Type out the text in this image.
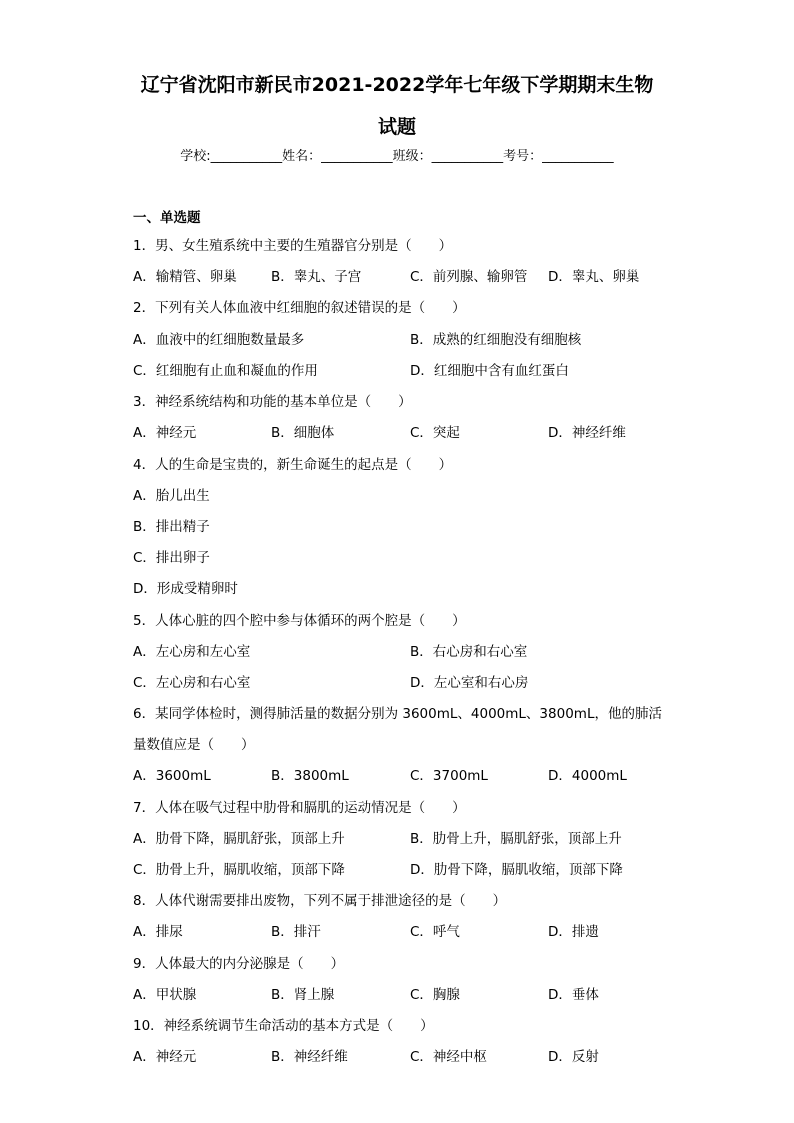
辽宁省沈阳市新民市2021-2022学年七年级下学期期末生物
试题
学校:___________姓名：___________班级：___________考号：___________
一、单选题
1．男、女生殖系统中主要的生殖器官分别是（　　）
A．输精管、卵巢	B．睾丸、子宫	C．前列腺、输卵管 D．睾丸、卵巢
2．下列有关人体血液中红细胞的叙述错误的是（　　）
A．血液中的红细胞数量最多	B．成熟的红细胞没有细胞核
C．红细胞有止血和凝血的作用	D．红细胞中含有血红蛋白
3．神经系统结构和功能的基本单位是（　　）
A．神经元	B．细胞体	C．突起	D．神经纤维
4．人的生命是宝贵的，新生命诞生的起点是（　　）
A．胎儿出生
B．排出精子
C．排出卵子
D．形成受精卵时
5．人体心脏的四个腔中参与体循环的两个腔是（　　）
A．左心房和左心室	B．右心房和右心室
C．左心房和右心室	D．左心室和右心房
6．某同学体检时，测得肺活量的数据分别为 3600mL、4000mL、3800mL，他的肺活
量数值应是（　　）
A．3600mL	B．3800mL	C．3700mL	D．4000mL
7．人体在吸气过程中肋骨和膈肌的运动情况是（　　）
A．肋骨下降，膈肌舒张，顶部上升	B．肋骨上升，膈肌舒张，顶部上升
C．肋骨上升，膈肌收缩，顶部下降	D．肋骨下降，膈肌收缩，顶部下降
8．人体代谢需要排出废物，下列不属于排泄途径的是（　　）
A．排尿	B．排汗	C．呼气	D．排遗
9．人体最大的内分泌腺是（　　）
A．甲状腺	B．肾上腺	C．胸腺	D．垂体
10．神经系统调节生命活动的基本方式是（　　）
A．神经元	B．神经纤维	C．神经中枢	D．反射
